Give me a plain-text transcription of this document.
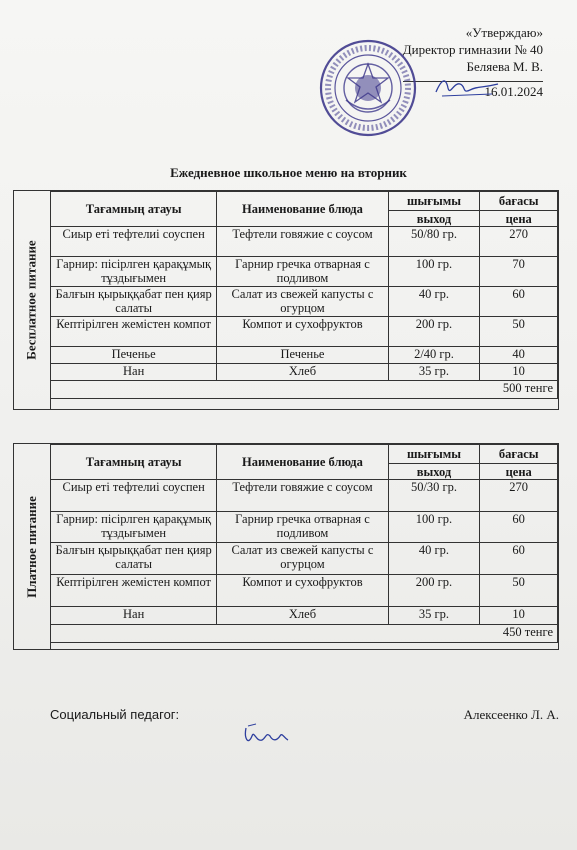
«Утверждаю»
Директор гимназии № 40
Беляева М. В.
16.01.2024
Ежедневное школьное меню на вторник
Бесплатное питание
Тағамның атауы	Наименование блюда	шығымы	бағасы
		выход	цена
Сиыр еті тефтелиі соуспен	Тефтели говяжие с соусом	50/80 гр.	270
Гарнир: пісірлген қарақұмық тұздығымен	Гарнир гречка отварная с подливом	100 гр.	70
Балғын қырыққабат пен қияр салаты	Салат из свежей капусты с огурцом	40 гр.	60
Кептірілген жемістен компот	Компот и сухофруктов	200 гр.	50
Печенье	Печенье	2/40 гр.	40
Нан	Хлеб	35 гр.	10
500 тенге			
Платное питание
Тағамның атауы	Наименование блюда	шығымы	бағасы
		выход	цена
Сиыр еті тефтелиі соуспен	Тефтели говяжие с соусом	50/30 гр.	270
Гарнир: пісірлген қарақұмық тұздығымен	Гарнир гречка отварная с подливом	100 гр.	60
Балғын қырыққабат пен қияр салаты	Салат из свежей капусты с огурцом	40 гр.	60
Кептірілген жемістен компот	Компот и сухофруктов	200 гр.	50
Нан	Хлеб	35 гр.	10
450 тенге			
Социальный педагог:	Алексеенко Л. А.
